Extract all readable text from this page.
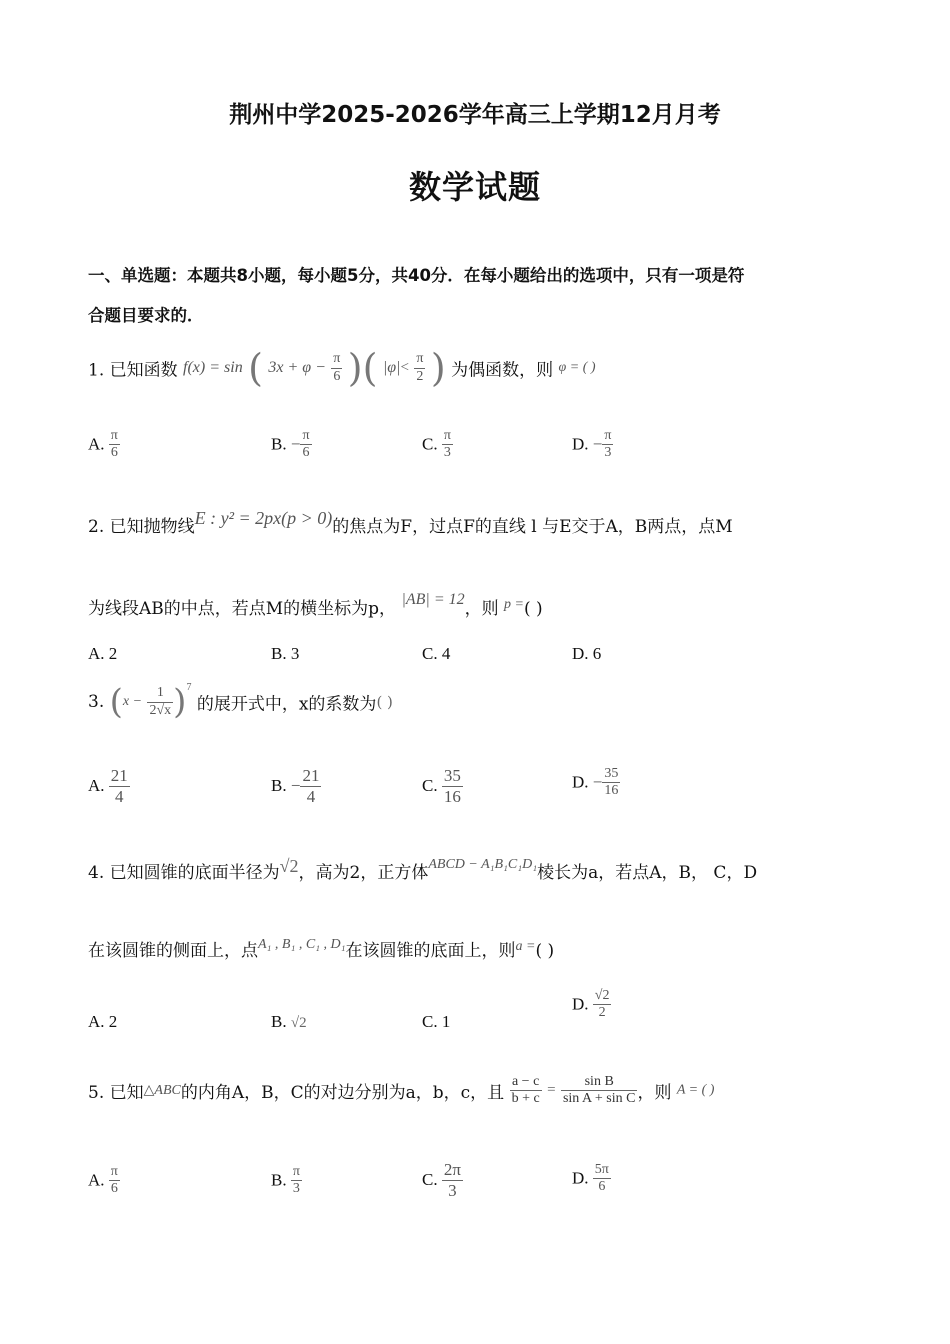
荆州中学2025-2026学年高三上学期12月月考
数学试题
一、单选题：本题共8小题，每小题5分，共40分．在每小题给出的选项中，只有一项是符
合题目要求的．
1. 已知函数 f(x) = sin ( $3x + \varphi - \frac{\pi}{6}$ )( $|\varphi|< \frac{\pi}{2}$ ) 为偶函数，则 φ = ( )
A. $\frac{\pi}{6}$	B. − $\frac{\pi}{6}$	C. $\frac{\pi}{3}$	D. − $\frac{\pi}{3}$
2. 已知抛物线E : y² = 2px(p > 0)的焦点为F，过点F的直线 l 与E交于A，B两点，点M
为线段AB的中点，若点M的横坐标为p， |AB| = 12，则 $^{p =}$( )
A. 2	B. 3	C. 4	D. 6
3. $(x - \frac{1}{2√x} )^7$ 的展开式中，x的系数为( )
A. $\frac{21}{4}$	B. − $\frac{21}{4}$	C. $\frac{35}{16}$	D. − $\frac{35}{16}$
4. 已知圆锥的底面半径为√2，高为2，正方体$^{ABCD - A_1B_1C_1D_1}$棱长为a，若点A，B， C，D
在该圆锥的侧面上，点$^{A_1 , B_1 , C_1 , D_1}$在该圆锥的底面上，则$^{a =}$( )
A. 2	B. √2	C. 1
D. $\frac{√2}{2}$
5. 已知△ABC的内角A，B，C的对边分别为a，b，c，且 $\frac{a - c}{b + c} = \frac{\text{sin B}}{\text{sin A + sin C}}$ ，则 A = ( )
A. $\frac{\pi}{6}$	B. $\frac{\pi}{3}$	C. $\frac{2\pi}{3}$	D. $\frac{5\pi}{6}$
